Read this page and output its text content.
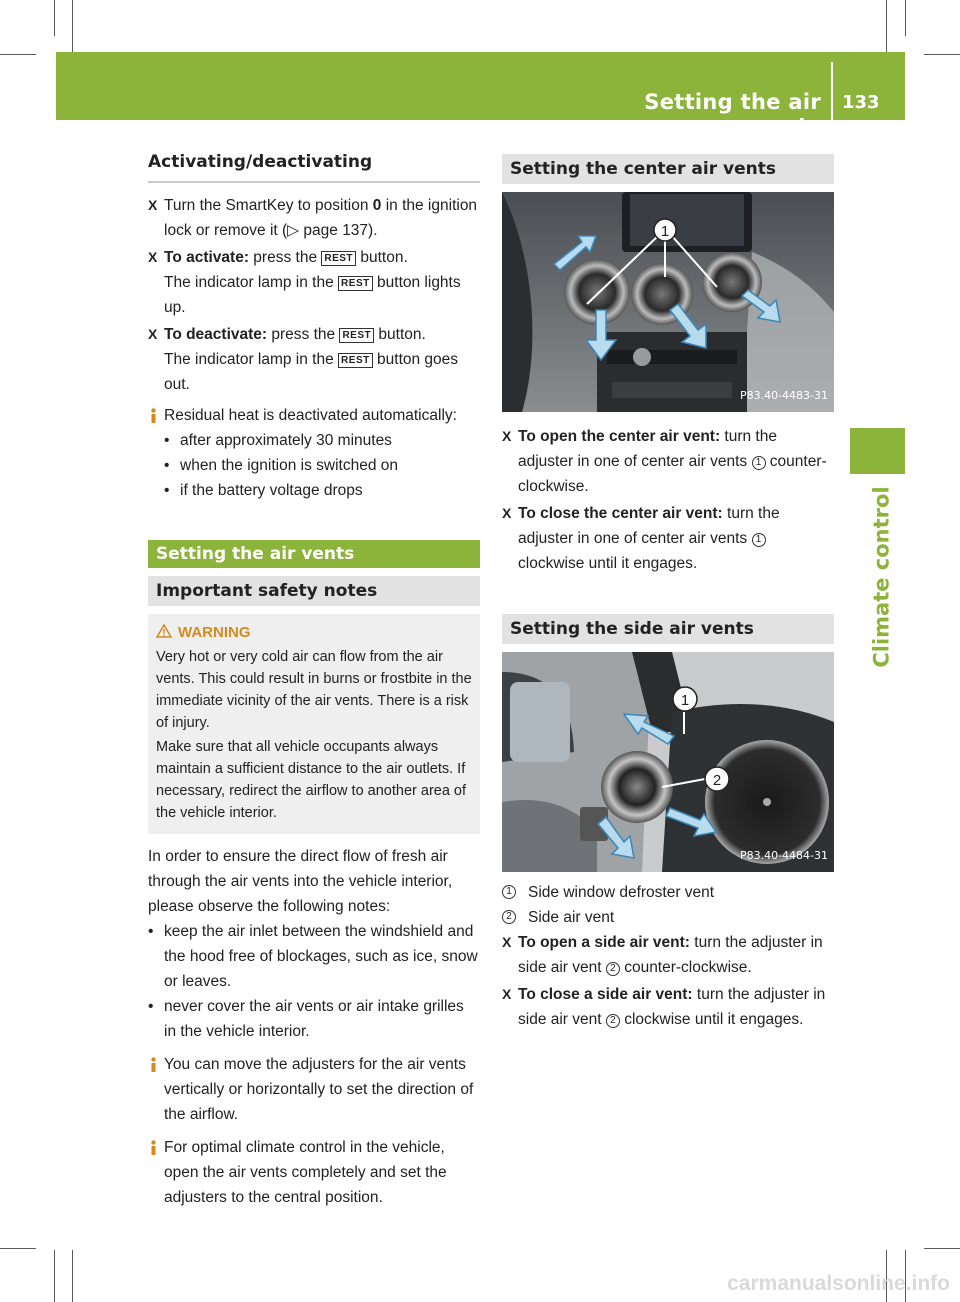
Setting the air vents
133
Climate control
Activating/deactivating
X Turn the SmartKey to position 0 in the ignition lock or remove it (▷ page 137).
X To activate: press the REST button.
The indicator lamp in the REST button lights up.
X To deactivate: press the REST button.
The indicator lamp in the REST button goes out.
Residual heat is deactivated automatically:
• after approximately 30 minutes
• when the ignition is switched on
• if the battery voltage drops
Setting the air vents
Important safety notes
WARNING

Very hot or very cold air can flow from the air vents. This could result in burns or frostbite in the immediate vicinity of the air vents. There is a risk of injury.

Make sure that all vehicle occupants always maintain a sufficient distance to the air outlets. If necessary, redirect the airflow to another area of the vehicle interior.

In order to ensure the direct flow of fresh air through the air vents into the vehicle interior, please observe the following notes:

• keep the air inlet between the windshield and the hood free of blockages, such as ice, snow or leaves.
• never cover the air vents or air intake grilles in the vehicle interior.
You can move the adjusters for the air vents vertically or horizontally to set the direction of the airflow.
For optimal climate control in the vehicle, open the air vents completely and set the adjusters to the central position.
Setting the center air vents
1
P83.40-4483-31
X To open the center air vent: turn the adjuster in one of center air vents 1 counter-clockwise.
X To close the center air vent: turn the adjuster in one of center air vents 1 clockwise until it engages.
Setting the side air vents
1
2
P83.40-4484-31
1 Side window defroster vent
2 Side air vent
X To open a side air vent: turn the adjuster in side air vent 2 counter-clockwise.
X To close a side air vent: turn the adjuster in side air vent 2 clockwise until it engages.
carmanualsonline.info
